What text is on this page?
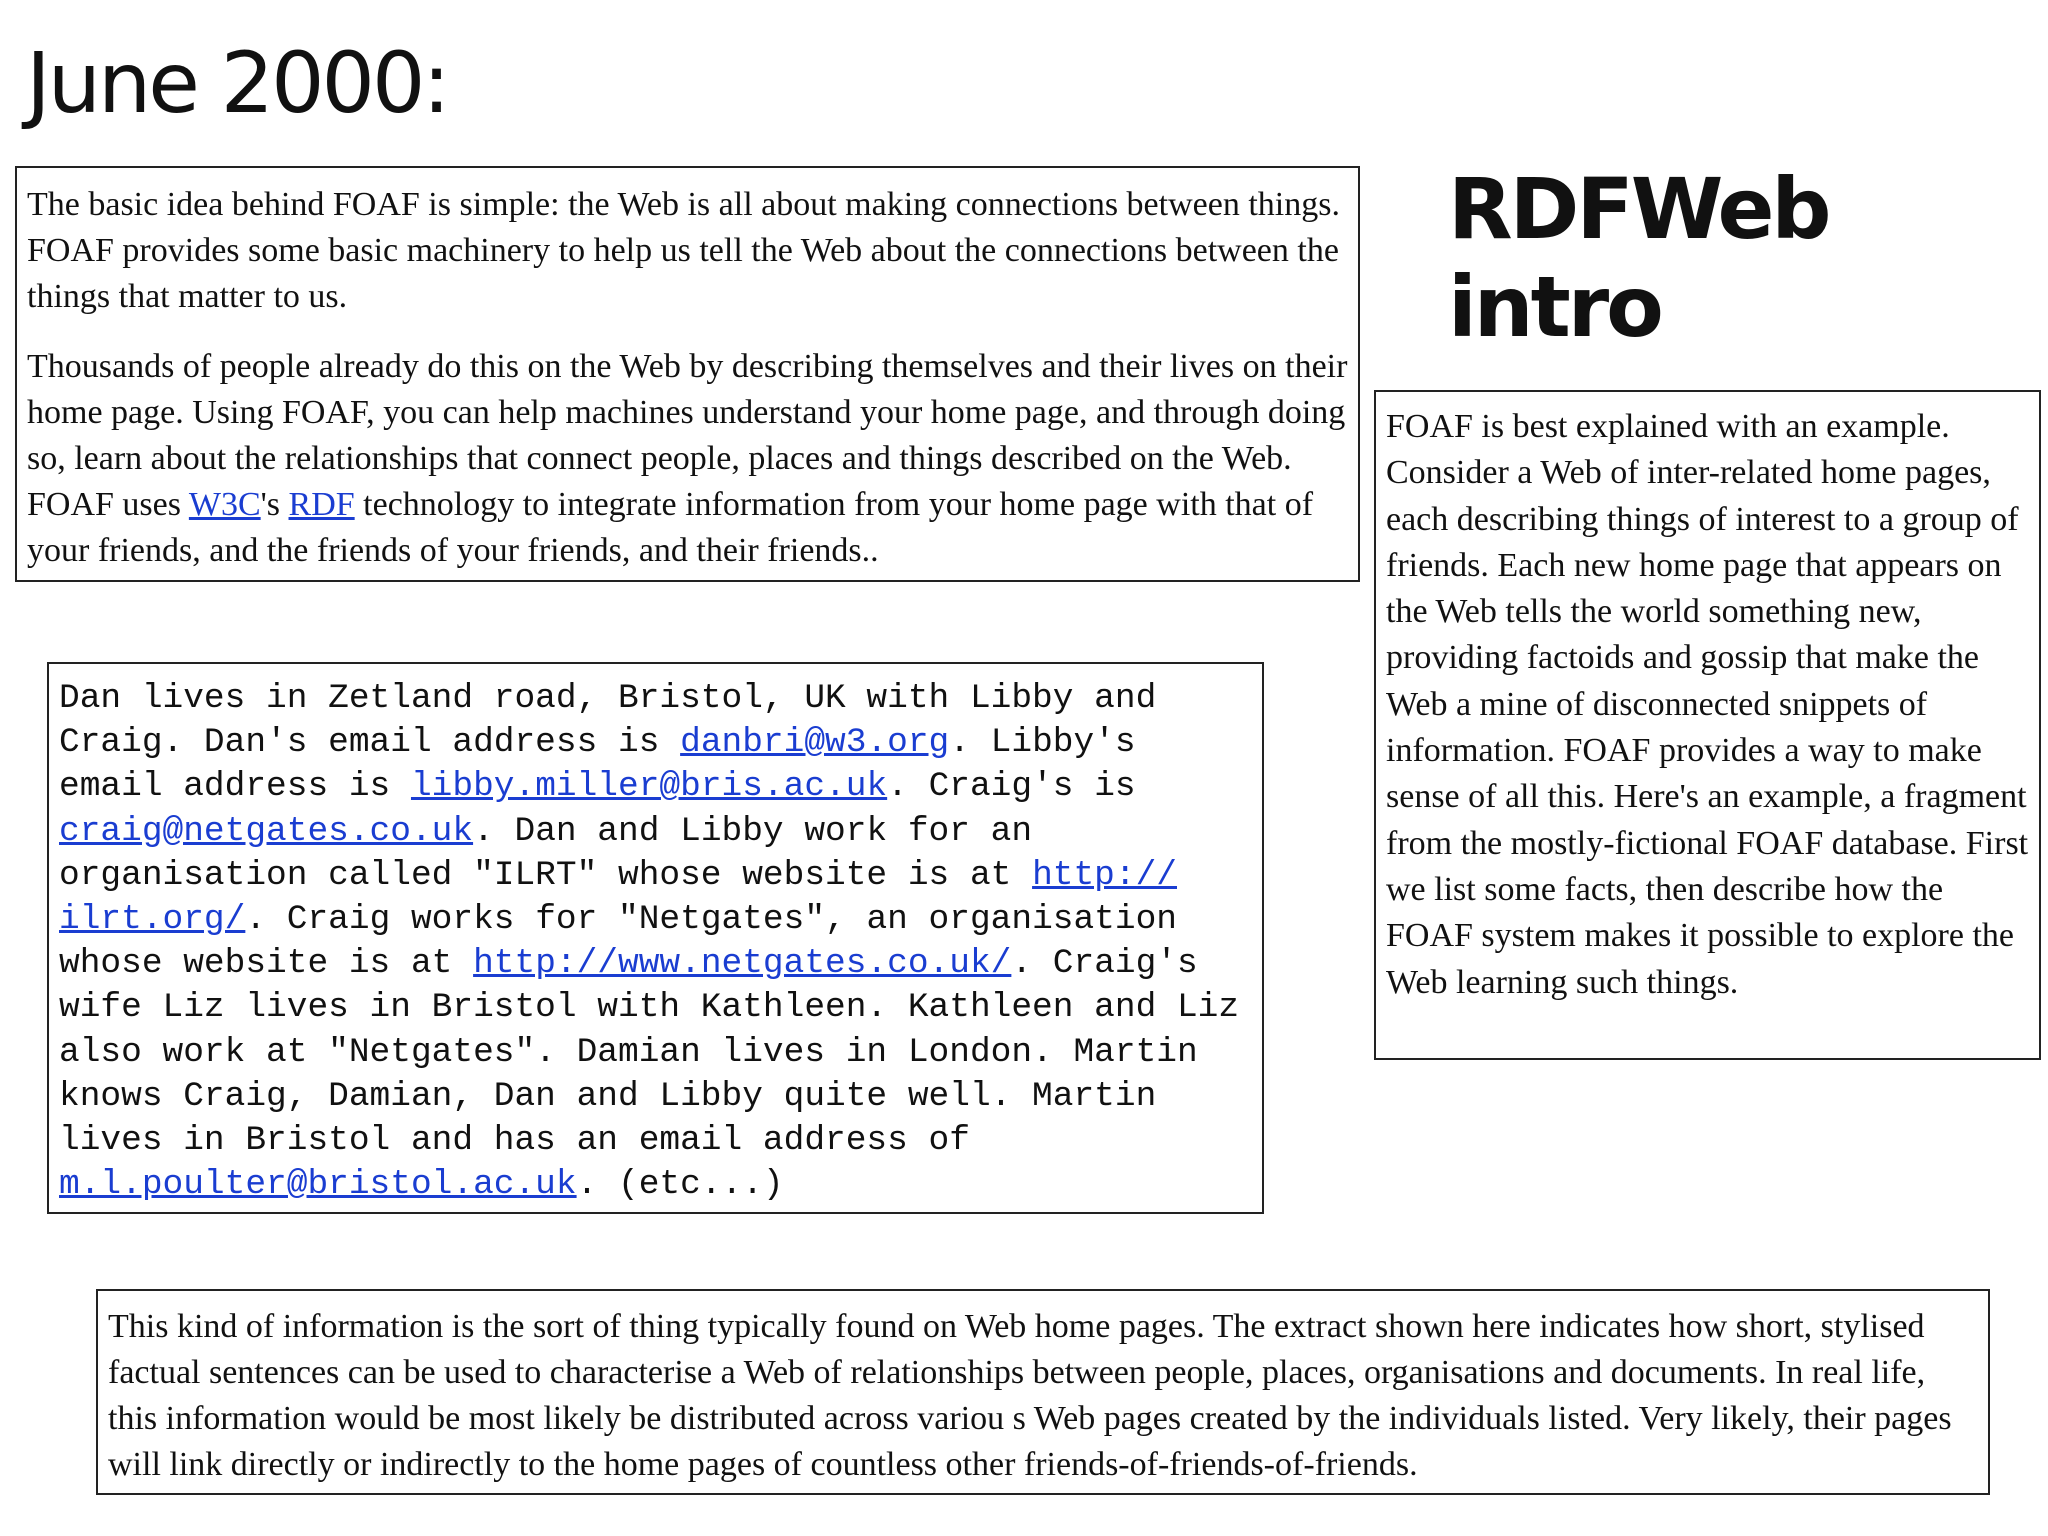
June 2000:
RDFWeb intro

The basic idea behind FOAF is simple: the Web is all about making connections between things. FOAF provides some basic machinery to help us tell the Web about the connections between the things that matter to us.

Thousands of people already do this on the Web by describing themselves and their lives on their home page. Using FOAF, you can help machines understand your home page, and through doing so, learn about the relationships that connect people, places and things described on the Web. FOAF uses W3C's RDF technology to integrate information from your home page with that of your friends, and the friends of your friends, and their friends..

FOAF is best explained with an example. Consider a Web of inter-related home pages, each describing things of interest to a group of friends. Each new home page that appears on the Web tells the world something new, providing factoids and gossip that make the Web a mine of disconnected snippets of information. FOAF provides a way to make sense of all this. Here's an example, a fragment from the mostly-fictional FOAF database. First we list some facts, then describe how the FOAF system makes it possible to explore the Web learning such things.

Dan lives in Zetland road, Bristol, UK with Libby and Craig. Dan's email address is danbri@w3.org. Libby's email address is libby.miller@bris.ac.uk. Craig's is craig@netgates.co.uk. Dan and Libby work for an organisation called "ILRT" whose website is at http://
ilrt.org/. Craig works for "Netgates", an organisation whose website is at http://www.netgates.co.uk/. Craig's wife Liz lives in Bristol with Kathleen. Kathleen and Liz also work at "Netgates". Damian lives in London. Martin knows Craig, Damian, Dan and Libby quite well. Martin lives in Bristol and has an email address of m.l.poulter@bristol.ac.uk. (etc...)

This kind of information is the sort of thing typically found on Web home pages. The extract shown here indicates how short, stylised factual sentences can be used to characterise a Web of relationships between people, places, organisations and documents. In real life, this information would be most likely be distributed across variou s Web pages created by the individuals listed. Very likely, their pages will link directly or indirectly to the home pages of countless other friends-of-friends-of-friends.
